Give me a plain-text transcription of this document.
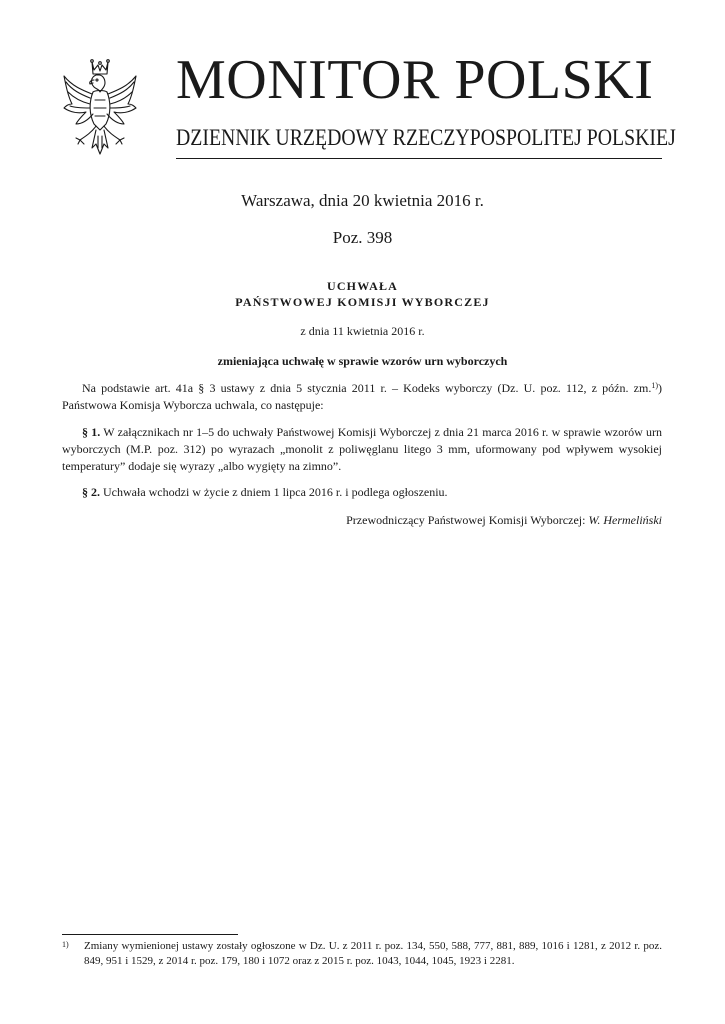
MONITOR POLSKI
DZIENNIK URZĘDOWY RZECZYPOSPOLITEJ POLSKIEJ
Warszawa, dnia 20 kwietnia 2016 r.
Poz. 398
UCHWAŁA
PAŃSTWOWEJ KOMISJI WYBORCZEJ
z dnia 11 kwietnia 2016 r.
zmieniająca uchwałę w sprawie wzorów urn wyborczych

Na podstawie art. 41a § 3 ustawy z dnia 5 stycznia 2011 r. – Kodeks wyborczy (Dz. U. poz. 112, z późn. zm.$^{1)}$) Państwowa Komisja Wyborcza uchwala, co następuje:

§ 1. W załącznikach nr 1–5 do uchwały Państwowej Komisji Wyborczej z dnia 21 marca 2016 r. w sprawie wzorów urn wyborczych (M.P. poz. 312) po wyrazach „monolit z poliwęglanu litego 3 mm, uformowany pod wpływem wysokiej temperatury” dodaje się wyrazy „albo wygięty na zimno”.

§ 2. Uchwała wchodzi w życie z dniem 1 lipca 2016 r. i podlega ogłoszeniu.

Przewodniczący Państwowej Komisji Wyborczej: W. Hermeliński
1) Zmiany wymienionej ustawy zostały ogłoszone w Dz. U. z 2011 r. poz. 134, 550, 588, 777, 881, 889, 1016 i 1281, z 2012 r. poz. 849, 951 i 1529, z 2014 r. poz. 179, 180 i 1072 oraz z 2015 r. poz. 1043, 1044, 1045, 1923 i 2281.
